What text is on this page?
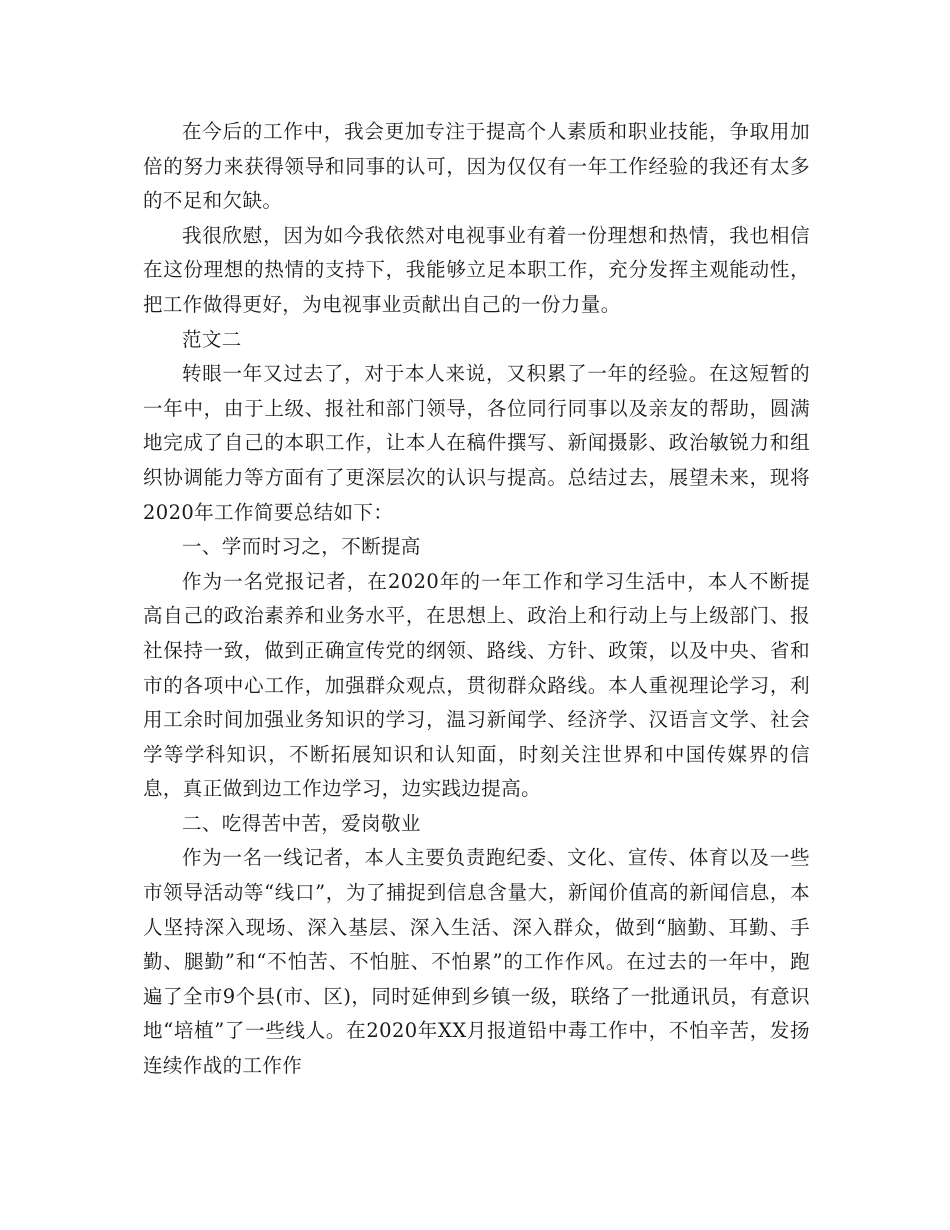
在今后的工作中，我会更加专注于提高个人素质和职业技能，争取用加倍的努力来获得领导和同事的认可，因为仅仅有一年工作经验的我还有太多的不足和欠缺。

我很欣慰，因为如今我依然对电视事业有着一份理想和热情，我也相信在这份理想的热情的支持下，我能够立足本职工作，充分发挥主观能动性，把工作做得更好，为电视事业贡献出自己的一份力量。

范文二

转眼一年又过去了，对于本人来说，又积累了一年的经验。在这短暂的一年中，由于上级、报社和部门领导，各位同行同事以及亲友的帮助，圆满地完成了自己的本职工作，让本人在稿件撰写、新闻摄影、政治敏锐力和组织协调能力等方面有了更深层次的认识与提高。总结过去，展望未来，现将2020年工作简要总结如下：

一、学而时习之，不断提高

作为一名党报记者，在2020年的一年工作和学习生活中，本人不断提高自己的政治素养和业务水平，在思想上、政治上和行动上与上级部门、报社保持一致，做到正确宣传党的纲领、路线、方针、政策，以及中央、省和市的各项中心工作，加强群众观点，贯彻群众路线。本人重视理论学习，利用工余时间加强业务知识的学习，温习新闻学、经济学、汉语言文学、社会学等学科知识，不断拓展知识和认知面，时刻关注世界和中国传媒界的信息，真正做到边工作边学习，边实践边提高。

二、吃得苦中苦，爱岗敬业

作为一名一线记者，本人主要负责跑纪委、文化、宣传、体育以及一些市领导活动等“线口”，为了捕捉到信息含量大，新闻价值高的新闻信息，本人坚持深入现场、深入基层、深入生活、深入群众，做到“脑勤、耳勤、手勤、腿勤”和“不怕苦、不怕脏、不怕累”的工作作风。在过去的一年中，跑遍了全市9个县(市、区)，同时延伸到乡镇一级，联络了一批通讯员，有意识地“培植”了一些线人。在2020年XX月报道铅中毒工作中，不怕辛苦，发扬连续作战的工作作
